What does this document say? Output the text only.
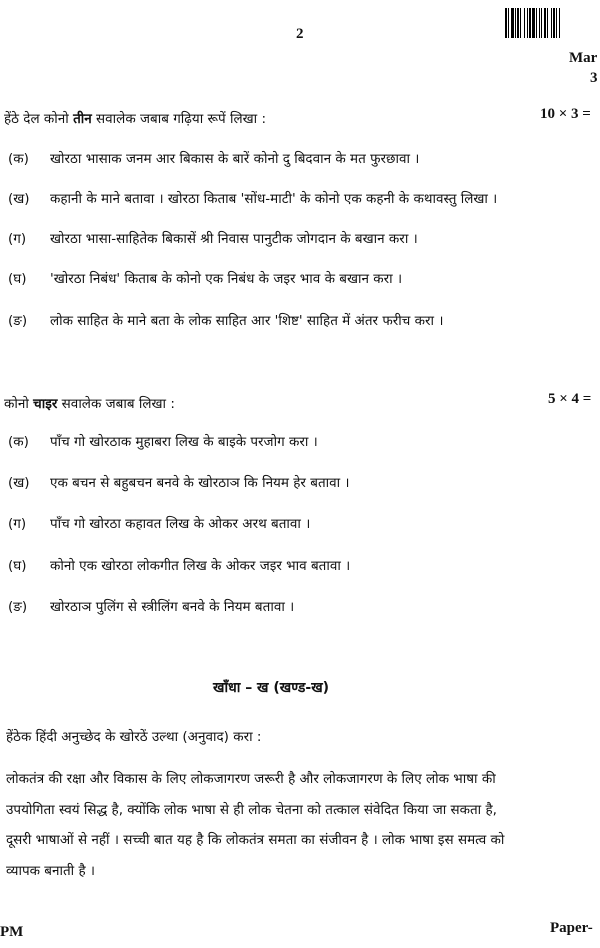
2
Mar
3
हेंठे देल कोनो तीन सवालेक जबाब गढ़िया रूपें लिखा :	10 × 3 =
(क) खोरठा भासाक जनम आर बिकास के बारें कोनो दु बिदवान के मत फुरछावा ।
(ख) कहानी के माने बतावा । खोरठा किताब 'सोंध-माटी' के कोनो एक कहनी के कथावस्तु लिखा ।
(ग) खोरठा भासा-साहितेक बिकासें श्री निवास पानुटीक जोगदान के बखान करा ।
(घ) 'खोरठा निबंध' किताब के कोनो एक निबंध के जइर भाव के बखान करा ।
(ङ) लोक साहित के माने बता के लोक साहित आर 'शिष्ट' साहित में अंतर फरीच करा ।
कोनो चाइर सवालेक जबाब लिखा :	5 × 4 =
(क) पाँच गो खोरठाक मुहाबरा लिख के बाइके परजोग करा ।
(ख) एक बचन से बहुबचन बनवे के खोरठाञ कि नियम हेर बतावा ।
(ग) पाँच गो खोरठा कहावत लिख के ओकर अरथ बतावा ।
(घ) कोनो एक खोरठा लोकगीत लिख के ओकर जइर भाव बतावा ।
(ङ) खोरठाञ पुलिंग से स्त्रीलिंग बनवे के नियम बतावा ।
खाँधा – ख (खण्ड-ख)
हेंठेक हिंदी अनुच्छेद के खोरठें उल्था (अनुवाद) करा :

लोकतंत्र की रक्षा और विकास के लिए लोकजागरण जरूरी है और लोकजागरण के लिए लोक भाषा की

उपयोगिता स्वयं सिद्ध है, क्योंकि लोक भाषा से ही लोक चेतना को तत्काल संवेदित किया जा सकता है,

दूसरी भाषाओं से नहीं । सच्ची बात यह है कि लोकतंत्र समता का संजीवन है । लोक भाषा इस समत्व को

व्यापक बनाती है ।

PM	Paper-
